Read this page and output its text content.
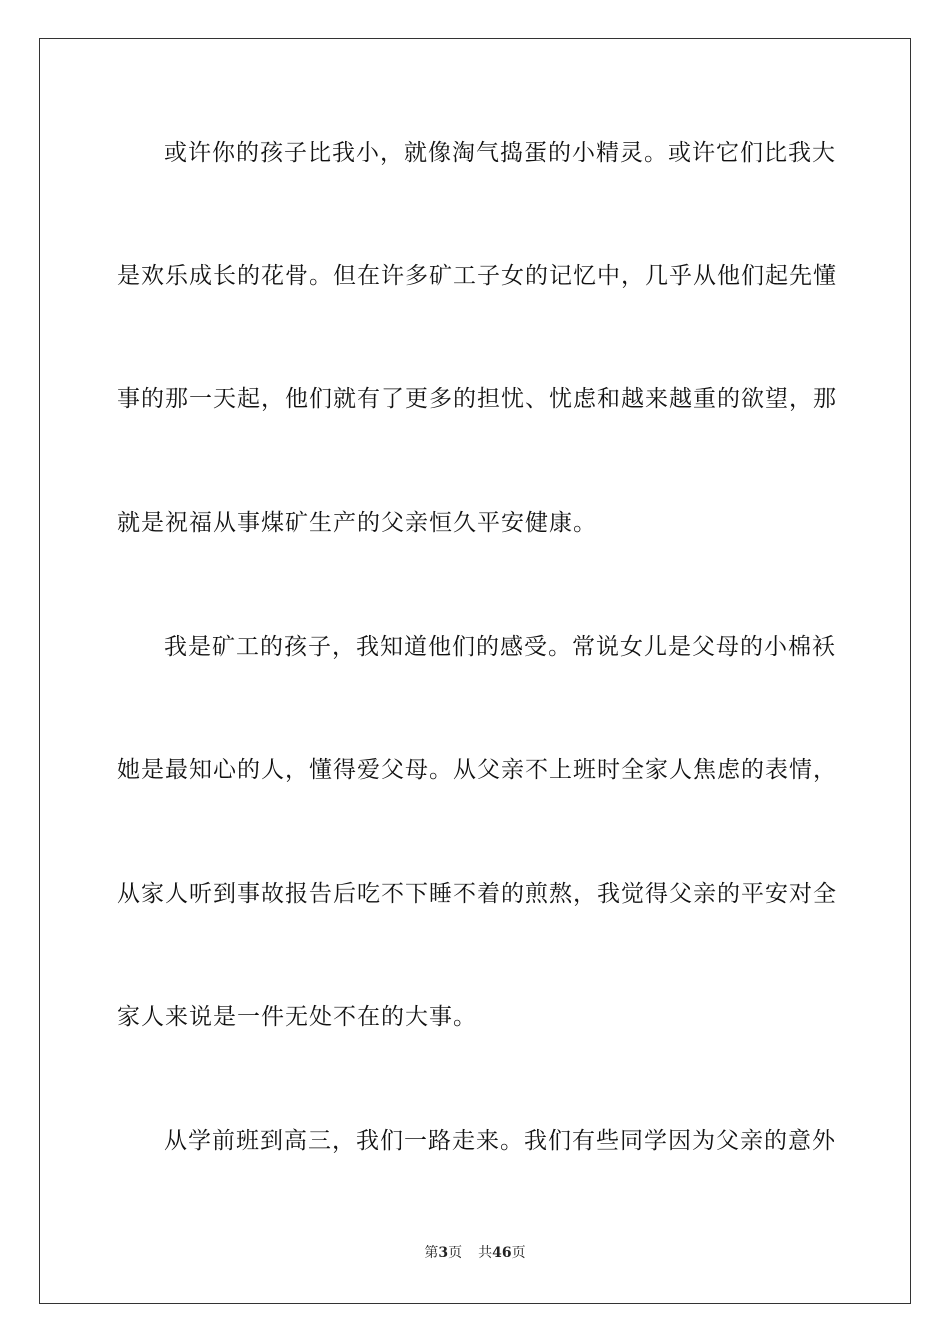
或许你的孩子比我小，就像淘气捣蛋的小精灵。或许它们比我大
是欢乐成长的花骨。但在许多矿工子女的记忆中，几乎从他们起先懂
事的那一天起，他们就有了更多的担忧、忧虑和越来越重的欲望，那
就是祝福从事煤矿生产的父亲恒久平安健康。
我是矿工的孩子，我知道他们的感受。常说女儿是父母的小棉袄
她是最知心的人，懂得爱父母。从父亲不上班时全家人焦虑的表情，
从家人听到事故报告后吃不下睡不着的煎熬，我觉得父亲的平安对全
家人来说是一件无处不在的大事。
从学前班到高三，我们一路走来。我们有些同学因为父亲的意外
第3页 共46页
